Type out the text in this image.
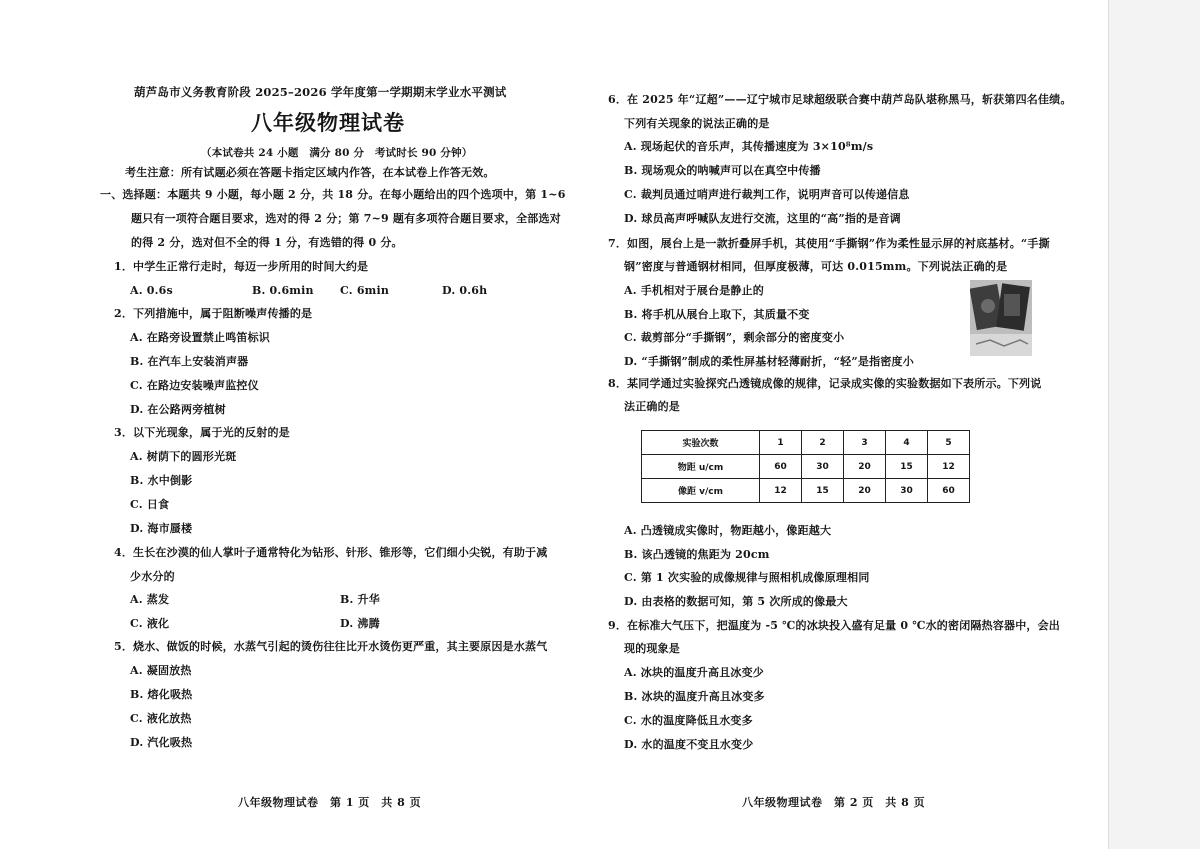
葫芦岛市义务教育阶段 2025–2026 学年度第一学期期末学业水平测试
八年级物理试卷
（本试卷共 24 小题　满分 80 分　考试时长 90 分钟）
考生注意：所有试题必须在答题卡指定区域内作答，在本试卷上作答无效。
一、选择题：本题共 9 小题，每小题 2 分，共 18 分。在每小题给出的四个选项中，第 1~6
题只有一项符合题目要求，选对的得 2 分；第 7~9 题有多项符合题目要求，全部选对
的得 2 分，选对但不全的得 1 分，有选错的得 0 分。
1．中学生正常行走时，每迈一步所用的时间大约是
A. 0.6s	B. 0.6min C. 6min	D. 0.6h
2．下列措施中，属于阻断噪声传播的是
A. 在路旁设置禁止鸣笛标识
B. 在汽车上安装消声器
C. 在路边安装噪声监控仪
D. 在公路两旁植树
3．以下光现象，属于光的反射的是
A. 树荫下的圆形光斑
B. 水中倒影
C. 日食
D. 海市蜃楼
4．生长在沙漠的仙人掌叶子通常特化为钻形、针形、锥形等，它们细小尖锐，有助于减
少水分的
A. 蒸发	B. 升华
C. 液化	D. 沸腾
5．烧水、做饭的时候，水蒸气引起的烫伤往往比开水烫伤更严重，其主要原因是水蒸气
A. 凝固放热
B. 熔化吸热
C. 液化放热
D. 汽化吸热
八年级物理试卷　第 1 页　共 8 页
6．在 2025 年“辽超”——辽宁城市足球超级联合赛中葫芦岛队堪称黑马，斩获第四名佳绩。
下列有关现象的说法正确的是
A. 现场起伏的音乐声，其传播速度为 3×10⁸m/s
B. 现场观众的呐喊声可以在真空中传播
C. 裁判员通过哨声进行裁判工作，说明声音可以传递信息
D. 球员高声呼喊队友进行交流，这里的“高”指的是音调
7．如图，展台上是一款折叠屏手机，其使用“手撕钢”作为柔性显示屏的衬底基材。“手撕
钢”密度与普通钢材相同，但厚度极薄，可达 0.015mm。下列说法正确的是
A. 手机相对于展台是静止的
B. 将手机从展台上取下，其质量不变
C. 裁剪部分“手撕钢”，剩余部分的密度变小
D. “手撕钢”制成的柔性屏基材轻薄耐折，“轻”是指密度小
8．某同学通过实验探究凸透镜成像的规律，记录成实像的实验数据如下表所示。下列说
法正确的是
实验次数	1	2	3	4	5
物距 u/cm	60	30	20	15	12
像距 v/cm	12	15	20	30	60
A. 凸透镜成实像时，物距越小，像距越大
B. 该凸透镜的焦距为 20cm
C. 第 1 次实验的成像规律与照相机成像原理相同
D. 由表格的数据可知，第 5 次所成的像最大
9．在标准大气压下，把温度为 -5 ℃的冰块投入盛有足量 0 ℃水的密闭隔热容器中，会出
现的现象是
A. 冰块的温度升高且冰变少
B. 冰块的温度升高且冰变多
C. 水的温度降低且水变多
D. 水的温度不变且水变少
八年级物理试卷　第 2 页　共 8 页
